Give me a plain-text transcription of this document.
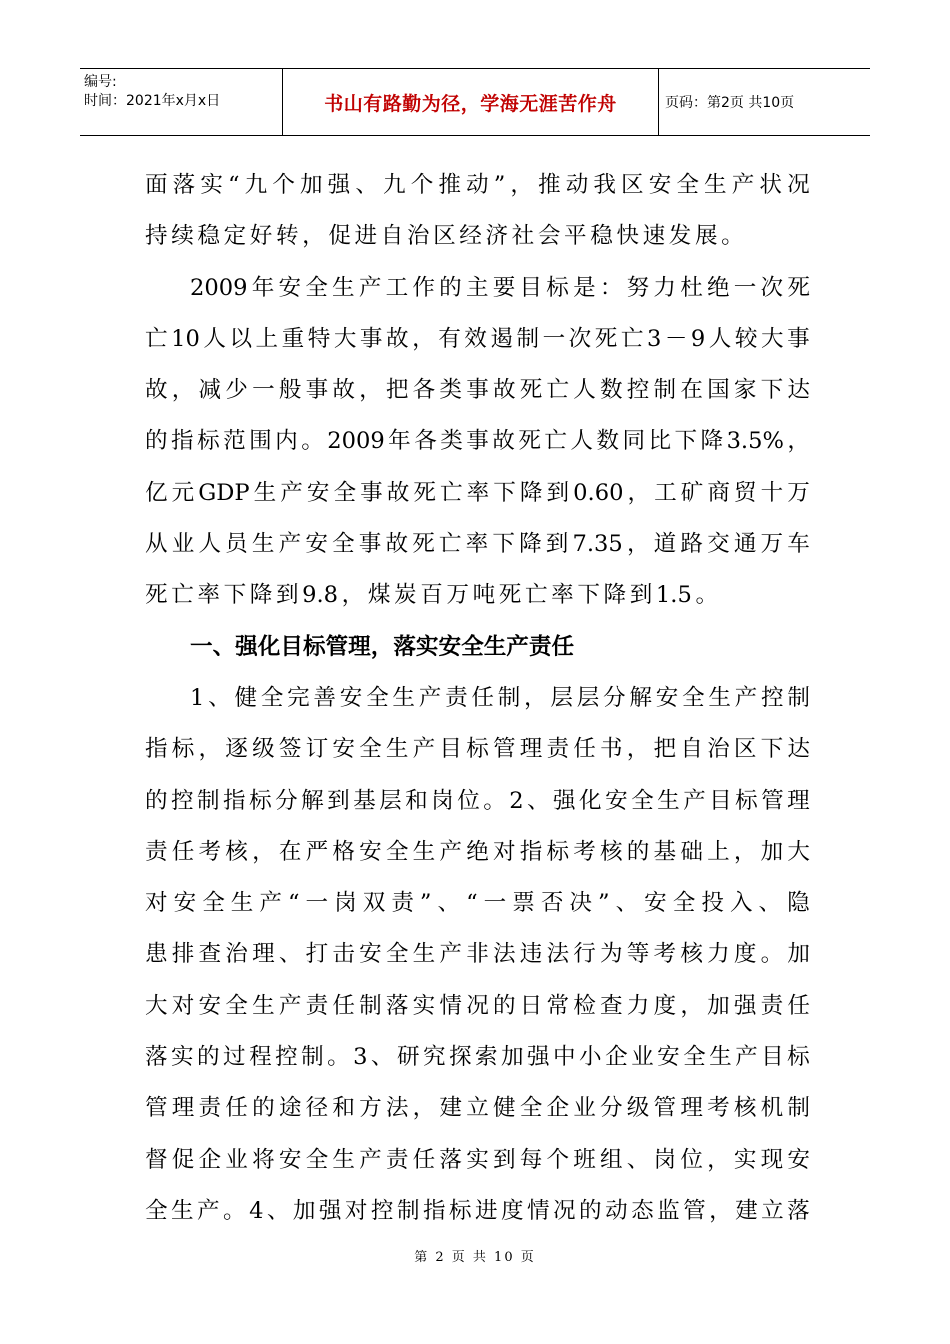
编号:
时间：2021年x月x日	书山有路勤为径，学海无涯苦作舟	页码：第2页 共10页
面 落 实 “ 九 个 加 强 、 九 个 推 动 ” ， 推 动 我 区 安 全 生 产 状 况
持 续 稳 定 好 转 ， 促 进 自 治 区 经 济 社 会 平 稳 快 速 发 展 。
2009 年 安 全 生 产 工 作 的 主 要 目 标 是 ： 努 力 杜 绝 一 次 死
亡 10 人 以 上 重 特 大 事 故 ， 有 效 遏 制 一 次 死 亡 3 － 9 人 较 大 事
故 ， 减 少 一 般 事 故 ， 把 各 类 事 故 死 亡 人 数 控 制 在 国 家 下 达
的 指 标 范 围 内 。 2009 年 各 类 事 故 死 亡 人 数 同 比 下 降 3.5% ，
亿 元 GDP 生 产 安 全 事 故 死 亡 率 下 降 到 0.60 ， 工 矿 商 贸 十 万
从 业 人 员 生 产 安 全 事 故 死 亡 率 下 降 到 7.35 ， 道 路 交 通 万 车
死 亡 率 下 降 到 9.8 ， 煤 炭 百 万 吨 死 亡 率 下 降 到 1.5 。
一、强化目标管理，落实安全生产责任
1 、 健 全 完 善 安 全 生 产 责 任 制 ， 层 层 分 解 安 全 生 产 控 制
指 标 ， 逐 级 签 订 安 全 生 产 目 标 管 理 责 任 书 ， 把 自 治 区 下 达
的 控 制 指 标 分 解 到 基 层 和 岗 位 。 2 、 强 化 安 全 生 产 目 标 管 理
责 任 考 核 ， 在 严 格 安 全 生 产 绝 对 指 标 考 核 的 基 础 上 ， 加 大
对 安 全 生 产 “ 一 岗 双 责 ” 、 “ 一 票 否 决 ” 、 安 全 投 入 、 隐
患 排 查 治 理 、 打 击 安 全 生 产 非 法 违 法 行 为 等 考 核 力 度 。 加
大 对 安 全 生 产 责 任 制 落 实 情 况 的 日 常 检 查 力 度 ， 加 强 责 任
落 实 的 过 程 控 制 。 3 、 研 究 探 索 加 强 中 小 企 业 安 全 生 产 目 标
管 理 责 任 的 途 径 和 方 法 ， 建 立 健 全 企 业 分 级 管 理 考 核 机 制
督 促 企 业 将 安 全 生 产 责 任 落 实 到 每 个 班 组 、 岗 位 ， 实 现 安
全 生 产 。 4 、 加 强 对 控 制 指 标 进 度 情 况 的 动 态 监 管 ， 建 立 落
第 2 页 共 10 页
